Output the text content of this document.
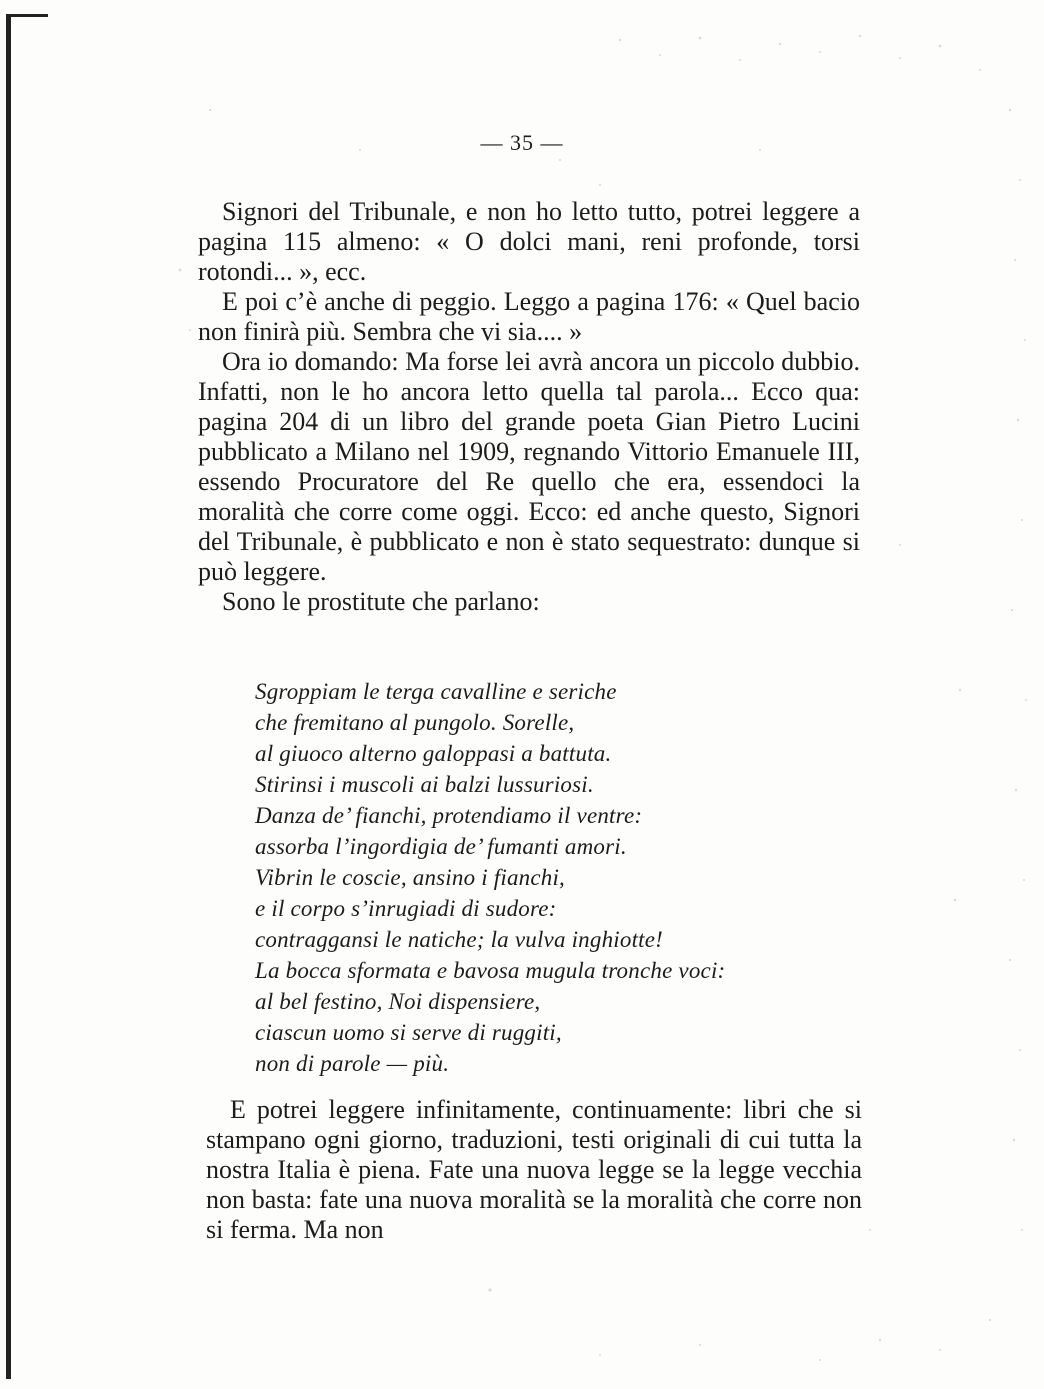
— 35 —

Signori del Tribunale, e non ho letto tutto, potrei leggere a pagina 115 almeno: « O dolci mani, reni profonde, torsi rotondi... », ecc.

E poi c’è anche di peggio. Leggo a pagina 176: « Quel bacio non finirà più. Sembra che vi sia.... »

Ora io domando: Ma forse lei avrà ancora un piccolo dubbio. Infatti, non le ho ancora letto quella tal parola... Ecco qua: pagina 204 di un libro del grande poeta Gian Pietro Lucini pubblicato a Milano nel 1909, regnando Vittorio Emanuele III, essendo Procuratore del Re quello che era, essendoci la moralità che corre come oggi. Ecco: ed anche questo, Signori del Tribunale, è pubblicato e non è stato sequestrato: dunque si può leggere.

Sono le prostitute che parlano:

Sgroppiam le terga cavalline e seriche
che fremitano al pungolo. Sorelle,
al giuoco alterno galoppasi a battuta.
Stirinsi i muscoli ai balzi lussuriosi.
Danza de’ fianchi, protendiamo il ventre:
assorba l’ingordigia de’ fumanti amori.
Vibrin le coscie, ansino i fianchi,
e il corpo s’inrugiadi di sudore:
contraggansi le natiche; la vulva inghiotte!
La bocca sformata e bavosa mugula tronche voci:
al bel festino, Noi dispensiere,
ciascun uomo si serve di ruggiti,
non di parole — più.

E potrei leggere infinitamente, continuamente: libri che si stampano ogni giorno, traduzioni, testi originali di cui tutta la nostra Italia è piena. Fate una nuova legge se la legge vecchia non basta: fate una nuova moralità se la moralità che corre non si ferma. Ma non
